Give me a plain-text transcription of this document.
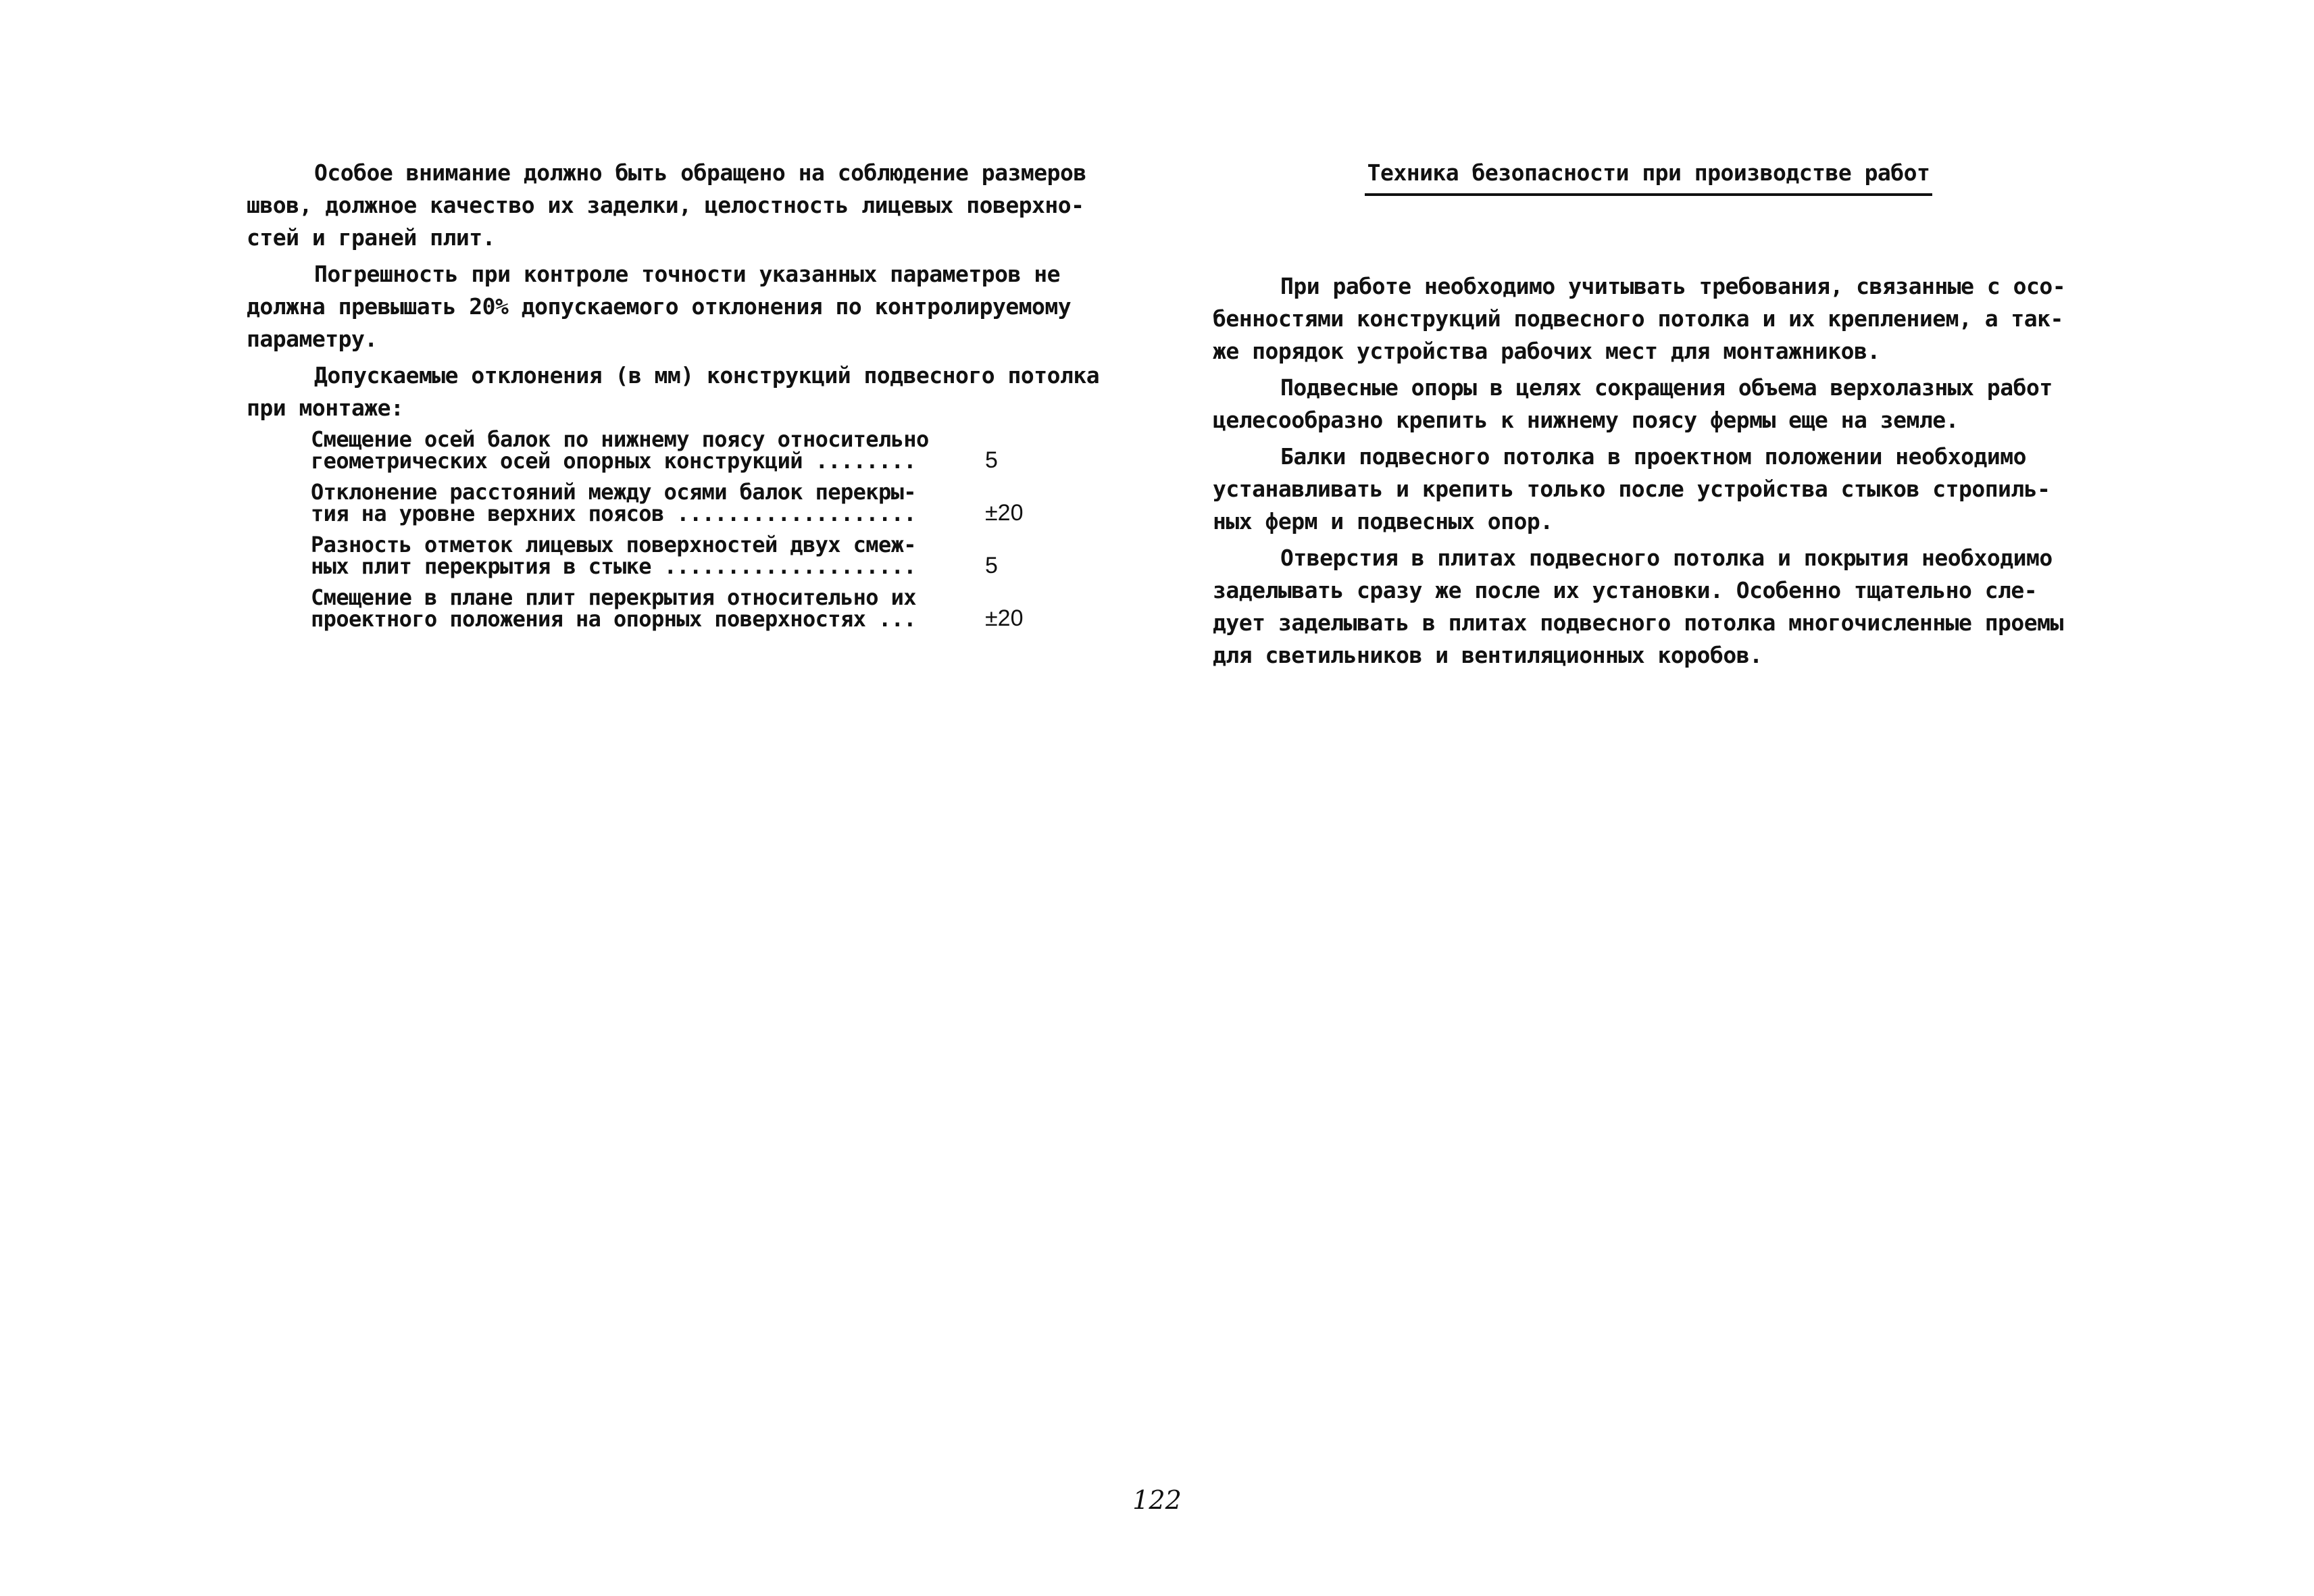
Особое внимание должно быть обращено на соблюдение размеров
швов, должное качество их заделки, целостность лицевых поверхно-
стей и граней плит.

Погрешность при контроле точности указанных параметров не
должна превышать 20% допускаемого отклонения по контролируемому
параметру.

Допускаемые отклонения (в мм) конструкций подвесного потолка
при монтаже:

Смещение осей балок по нижнему поясу относительно
геометрических осей опорных конструкций ........	5
Отклонение расстояний между осями балок перекры-
тия на уровне верхних поясов ...................	±20
Разность отметок лицевых поверхностей двух смеж-
ных плит перекрытия в стыке ....................	5
Смещение в плане плит перекрытия относительно их
проектного положения на опорных поверхностях ...	±20
Техника безопасности при производстве работ

При работе необходимо учитывать требования, связанные с осо-
бенностями конструкций подвесного потолка и их креплением, а так-
же порядок устройства рабочих мест для монтажников.

Подвесные опоры в целях сокращения объема верхолазных работ
целесообразно крепить к нижнему поясу фермы еще на земле.

Балки подвесного потолка в проектном положении необходимо
устанавливать и крепить только после устройства стыков стропиль-
ных ферм и подвесных опор.

Отверстия в плитах подвесного потолка и покрытия необходимо
заделывать сразу же после их установки. Особенно тщательно сле-
дует заделывать в плитах подвесного потолка многочисленные проемы
для светильников и вентиляционных коробов.

122
